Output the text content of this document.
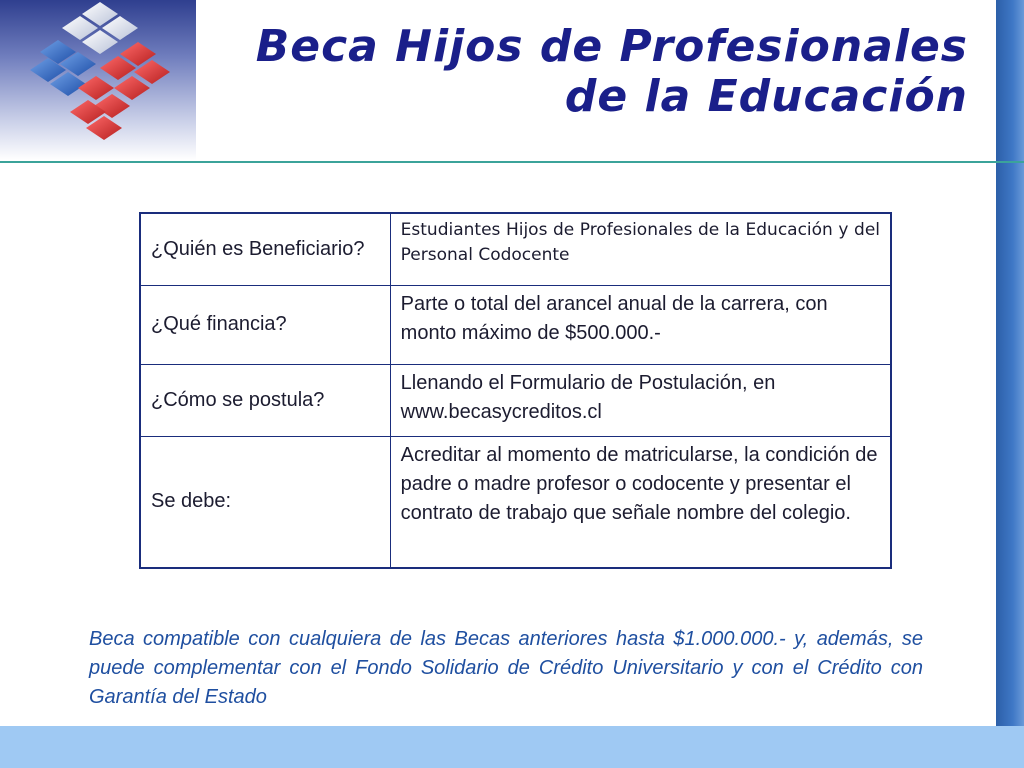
Beca Hijos de Profesionales
de la Educación
¿Quién es Beneficiario?	Estudiantes Hijos de Profesionales de la Educación y del Personal Codocente
¿Qué financia?	Parte o total del arancel anual de la carrera, con monto máximo de $500.000.-
¿Cómo se postula?	Llenando el Formulario de Postulación, en www.becasycreditos.cl
Se debe:	Acreditar al momento de matricularse, la condición de padre o madre profesor o codocente y presentar el contrato de trabajo que señale nombre del colegio.
Beca compatible con cualquiera de las Becas anteriores hasta $1.000.000.- y, además, se puede complementar con el Fondo Solidario de Crédito Universitario y con el Crédito con Garantía del Estado
